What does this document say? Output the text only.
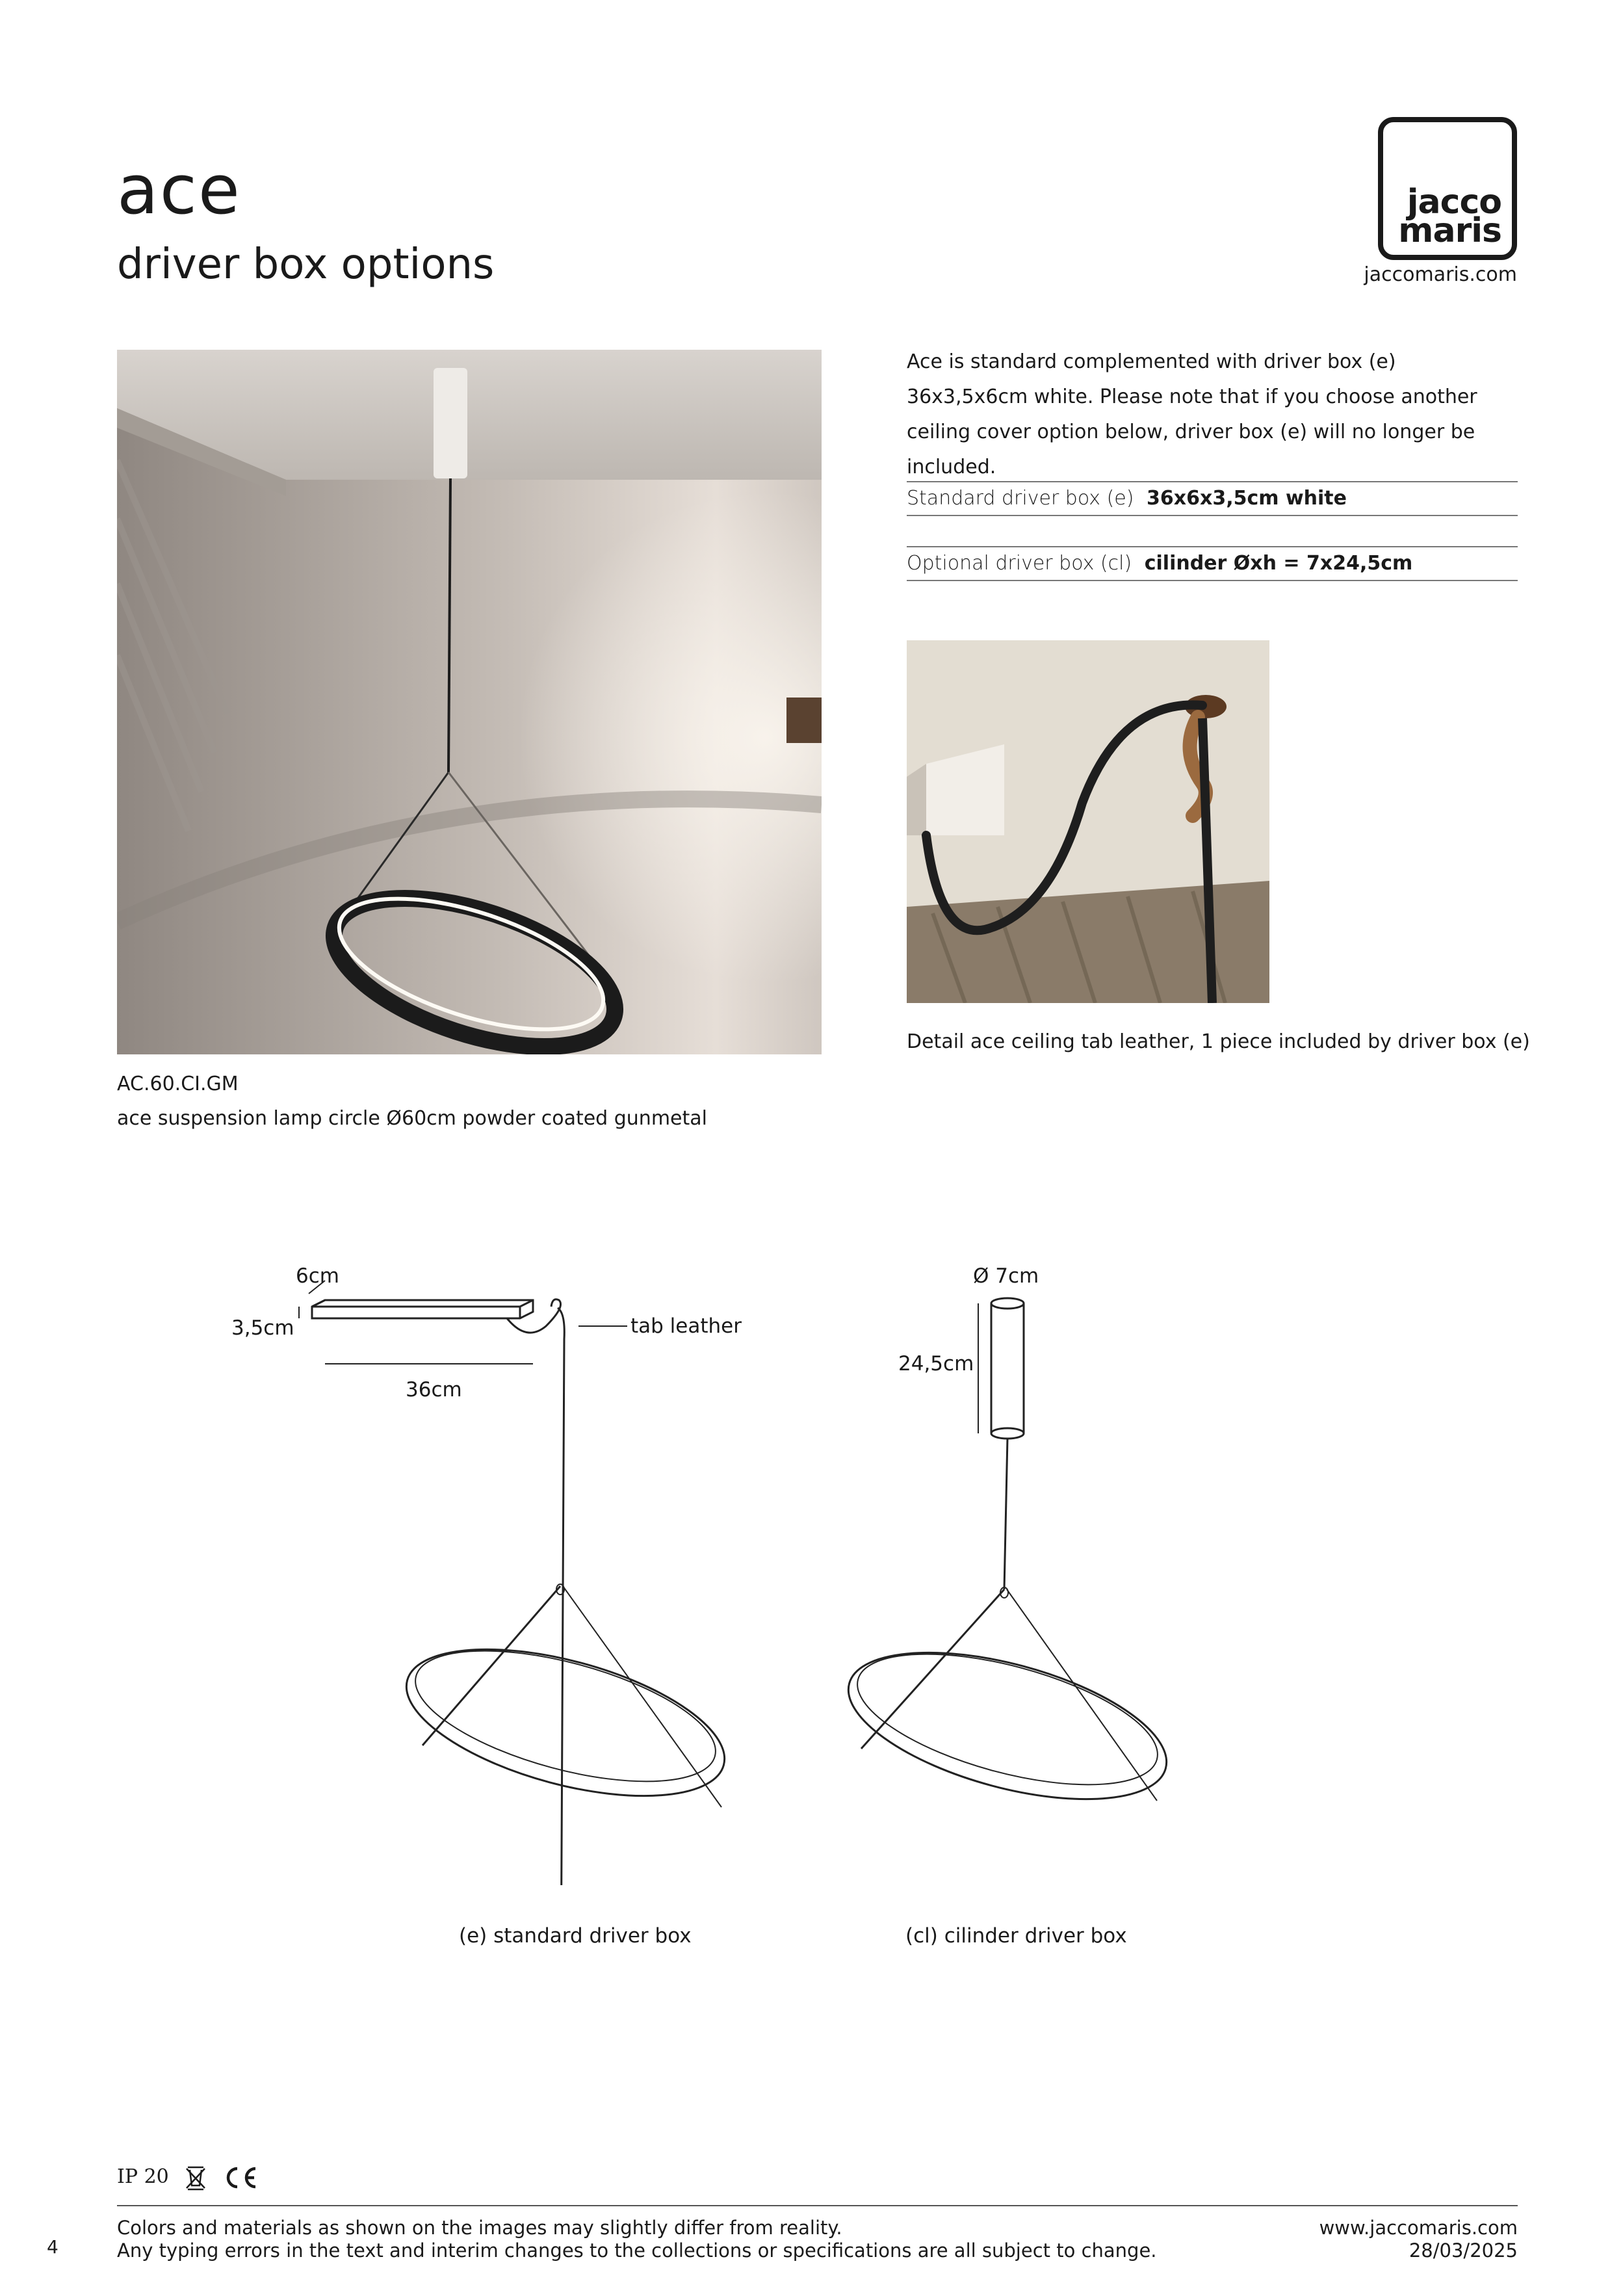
ace
driver box options
jacco
maris
jaccomaris.com
AC.60.CI.GM
ace suspension lamp circle Ø60cm powder coated gunmetal
Ace is standard complemented with driver box (e) 36x3,5x6cm white. Please note that if you choose another ceiling cover option below, driver box (e) will no longer be included.
Standard driver box (e) 36x6x3,5cm white
Optional driver box (cl) cilinder Øxh = 7x24,5cm
Detail ace ceiling tab leather, 1 piece included by driver box (e)
6cm
3,5cm
36cm
tab leather
(e) standard driver box
Ø 7cm
24,5cm
(cl) cilinder driver box
IP 20
Colors and materials as shown on the images may slightly differ from reality.
Any typing errors in the text and interim changes to the collections or specifications are all subject to change.
www.jaccomaris.com
28/03/2025
4
